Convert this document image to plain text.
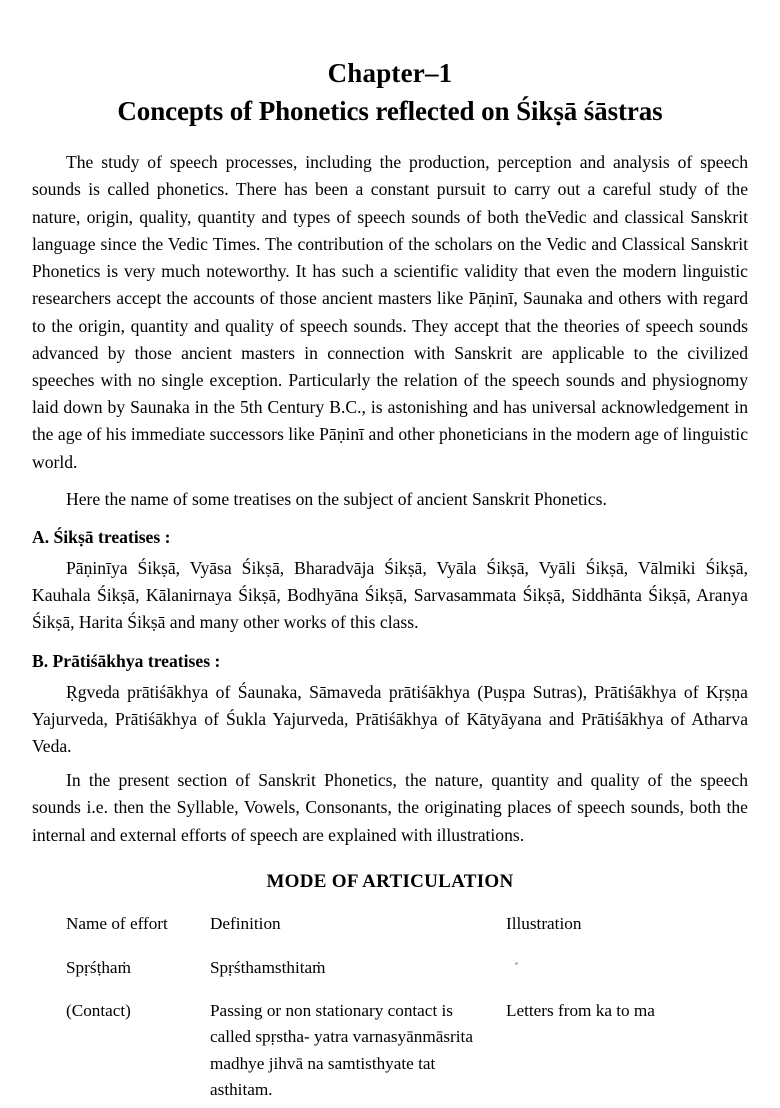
Chapter–1
Concepts of Phonetics reflected on Śikṣā śāstras

The study of speech processes, including the production, perception and analysis of speech sounds is called phonetics. There has been a constant pursuit to carry out a careful study of the nature, origin, quality, quantity and types of speech sounds of both theVedic and classical Sanskrit language since the Vedic Times. The contribution of the scholars on the Vedic and Classical Sanskrit Phonetics is very much noteworthy. It has such a scientific validity that even the modern linguistic researchers accept the accounts of those ancient masters like Pāṇinī, Saunaka and others with regard to the origin, quantity and quality of speech sounds. They accept that the theories of speech sounds advanced by those ancient masters in connection with Sanskrit are applicable to the civilized speeches with no single exception. Particularly the relation of the speech sounds and physiognomy laid down by Saunaka in the 5th Century B.C., is astonishing and has universal acknowledgement in the age of his immediate successors like Pāṇinī and other phoneticians in the modern age of linguistic world.

Here the name of some treatises on the subject of ancient Sanskrit Phonetics.

A. Śikṣā treatises :

Pāṇinīya Śikṣā, Vyāsa Śikṣā, Bharadvāja Śikṣā, Vyāla Śikṣā, Vyāli Śikṣā, Vālmiki Śikṣā, Kauhala Śikṣā, Kālanirnaya Śikṣā, Bodhyāna Śikṣā, Sarvasammata Śikṣā, Siddhānta Śikṣā, Aranya Śikṣā, Harita Śikṣā and many other works of this class.

B. Prātiśākhya treatises :

Ṛgveda prātiśākhya of Śaunaka, Sāmaveda prātiśākhya (Puṣpa Sutras), Prātiśākhya of Kṛṣṇa Yajurveda, Prātiśākhya of Śukla Yajurveda, Prātiśākhya of Kātyāyana and Prātiśākhya of Atharva Veda.

In the present section of Sanskrit Phonetics, the nature, quantity and quality of the speech sounds i.e. then the Syllable, Vowels, Consonants, the originating places of speech sounds, both the internal and external efforts of speech are explained with illustrations.

MODE OF ARTICULATION
Name of effort	Definition	Illustration
Spṛśṭhaṁ	Spṛśthamsthitaṁ	
(Contact)	Passing or non stationary contact is called spṛstha- yatra varnasyānmāsrita madhye jihvā na samtisthyate tat asthitam.	Letters from ka to ma
